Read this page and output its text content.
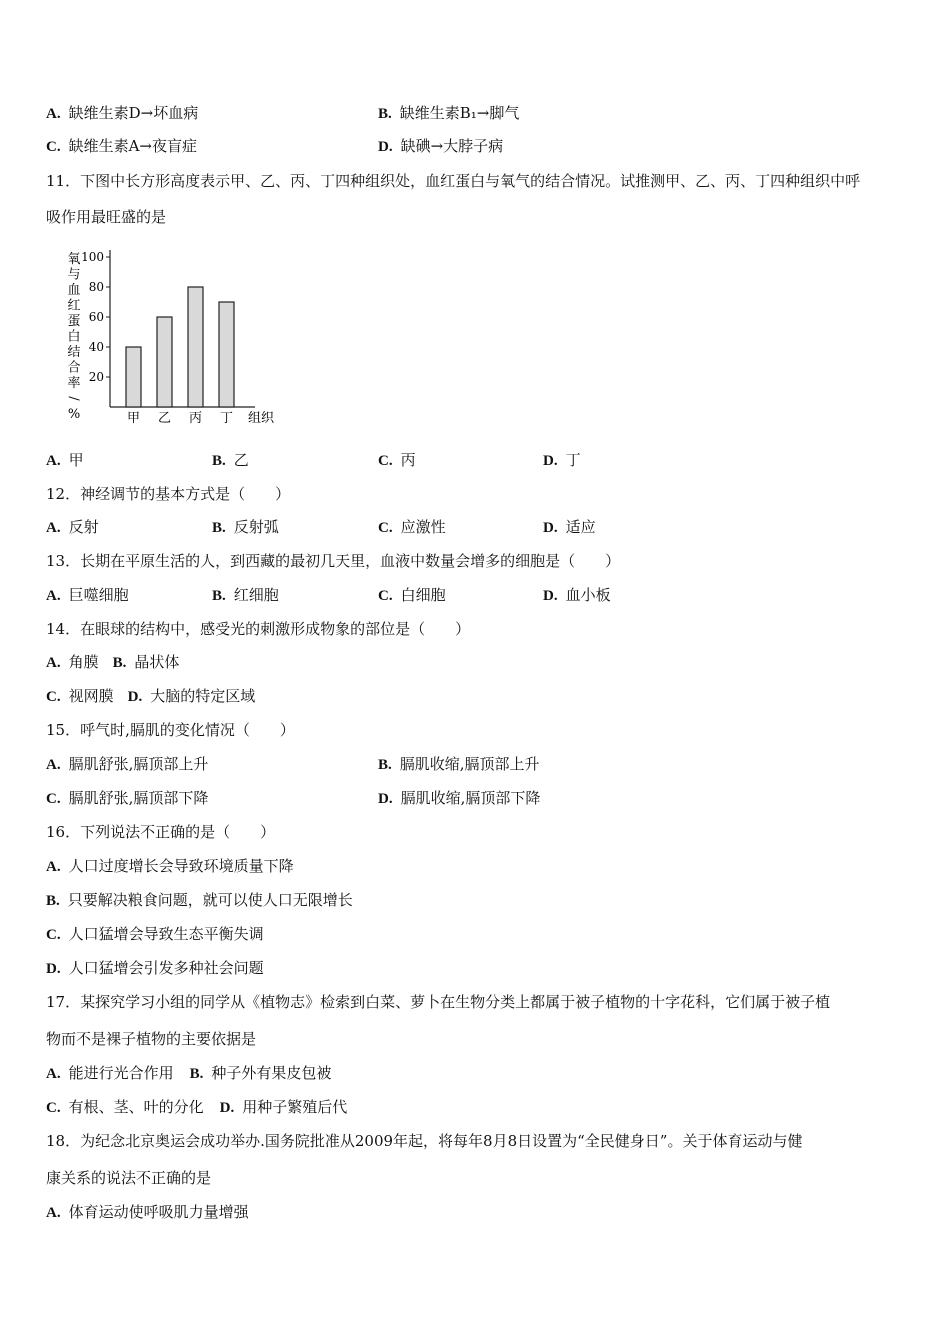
A. 缺维生素D→坏血病	B. 缺维生素B₁→脚气
C. 缺维生素A→夜盲症	D. 缺碘→大脖子病
11．下图中长方形高度表示甲、乙、丙、丁四种组织处，血红蛋白与氧气的结合情况。试推测甲、乙、丙、丁四种组织中呼
吸作用最旺盛的是
氧
与
血
红
蛋
白
结
合
率
/
%
20
40
60
80
100
甲 乙 丙 丁 组织
A. 甲	B. 乙	C. 丙	D. 丁
12．神经调节的基本方式是（　　）
A. 反射	B. 反射弧	C. 应激性	D. 适应
13．长期在平原生活的人，到西藏的最初几天里，血液中数量会增多的细胞是（　　）
A. 巨噬细胞	B. 红细胞	C. 白细胞	D. 血小板
14．在眼球的结构中，感受光的刺激形成物象的部位是（　　）
A. 角膜 B. 晶状体
C. 视网膜 D. 大脑的特定区域
15．呼气时,膈肌的变化情况（　　）
A. 膈肌舒张,膈顶部上升	B. 膈肌收缩,膈顶部上升
C. 膈肌舒张,膈顶部下降	D. 膈肌收缩,膈顶部下降
16．下列说法不正确的是（　　）
A. 人口过度增长会导致环境质量下降
B. 只要解决粮食问题，就可以使人口无限增长
C. 人口猛增会导致生态平衡失调
D. 人口猛增会引发多种社会问题
17．某探究学习小组的同学从《植物志》检索到白菜、萝卜在生物分类上都属于被子植物的十字花科，它们属于被子植
物而不是裸子植物的主要依据是
A. 能进行光合作用 B. 种子外有果皮包被
C. 有根、茎、叶的分化 D. 用种子繁殖后代
18．为纪念北京奥运会成功举办.国务院批准从2009年起，将每年8月8日设置为“全民健身日”。关于体育运动与健
康关系的说法不正确的是
A. 体育运动使呼吸肌力量增强
